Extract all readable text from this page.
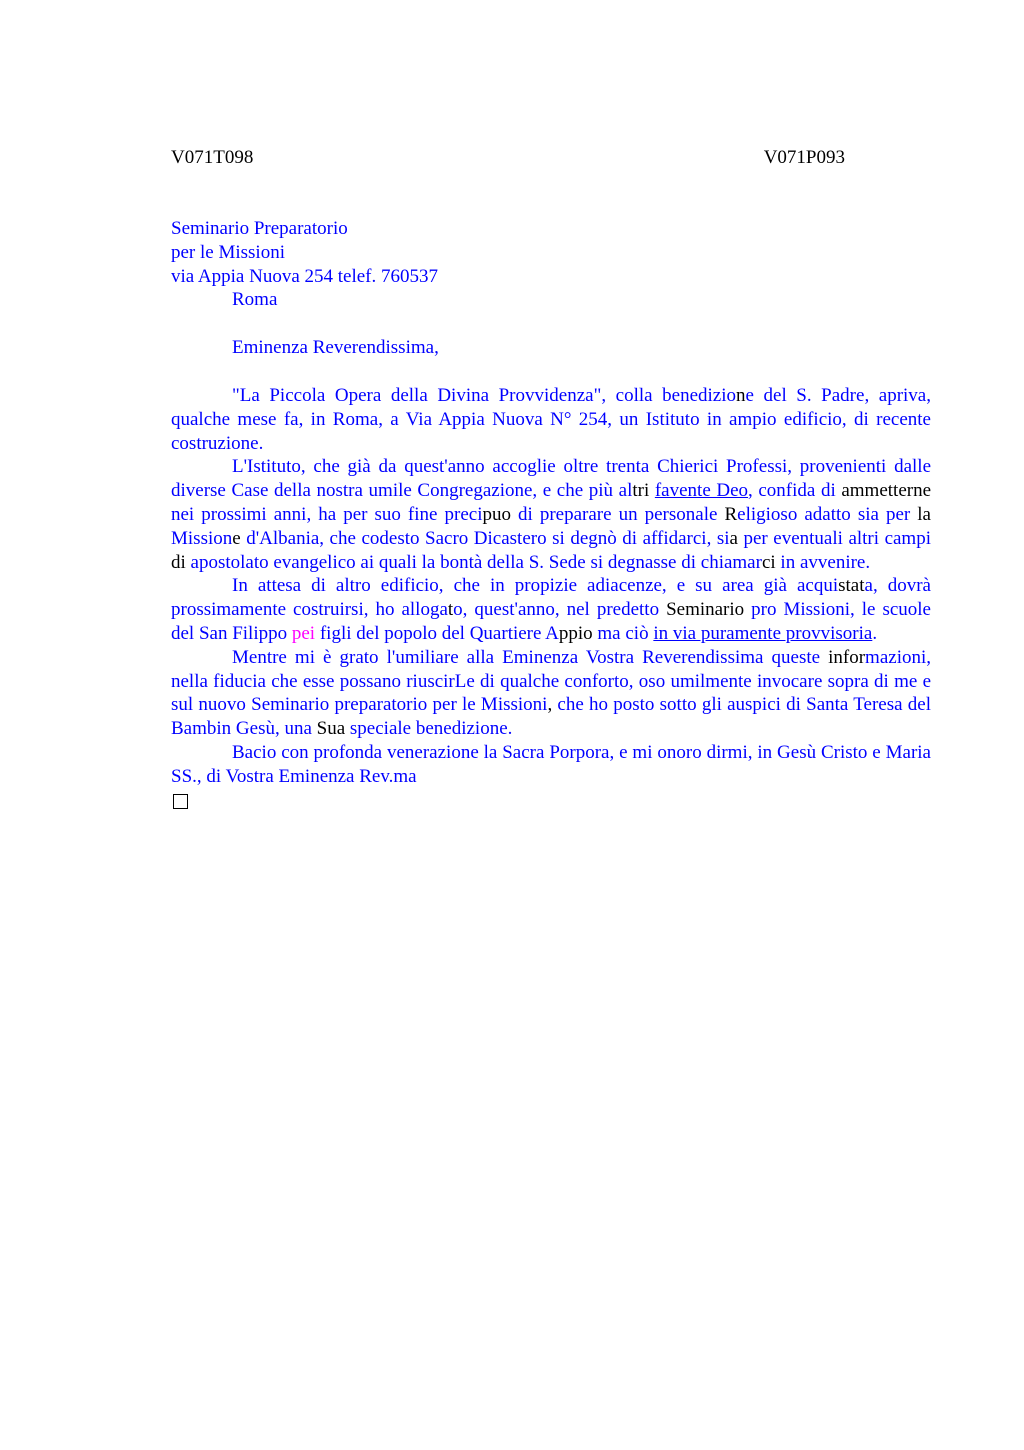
V071T098	V071P093
Seminario Preparatorio
per le Missioni
via Appia Nuova 254 telef. 760537
Roma
Eminenza Reverendissima,

"La Piccola Opera della Divina Provvidenza", colla benedizione del S. Padre, apriva, qualche mese fa, in Roma, a Via Appia Nuova N° 254, un Istituto in ampio edificio, di recente costruzione.

L'Istituto, che già da quest'anno accoglie oltre trenta Chierici Professi, provenienti dalle diverse Case della nostra umile Congregazione, e che più altri favente Deo, confida di ammetterne nei prossimi anni, ha per suo fine precipuo di preparare un personale Religioso adatto sia per la Missione d'Albania, che codesto Sacro Dicastero si degnò di affidarci, sia per eventuali altri campi di apostolato evangelico ai quali la bontà della S. Sede si degnasse di chiamarci in avvenire.

In attesa di altro edificio, che in propizie adiacenze, e su area già acquistata, dovrà prossimamente costruirsi, ho allogato, quest'anno, nel predetto Seminario pro Missioni, le scuole del San Filippo pei figli del popolo del Quartiere Appio ma ciò in via puramente provvisoria.

Mentre mi è grato l'umiliare alla Eminenza Vostra Reverendissima queste informazioni, nella fiducia che esse possano riuscirLe di qualche conforto, oso umilmente invocare sopra di me e sul nuovo Seminario preparatorio per le Missioni, che ho posto sotto gli auspici di Santa Teresa del Bambin Gesù, una Sua speciale benedizione.

Bacio con profonda venerazione la Sacra Porpora, e mi onoro dirmi, in Gesù Cristo e Maria SS., di Vostra Eminenza Rev.ma
